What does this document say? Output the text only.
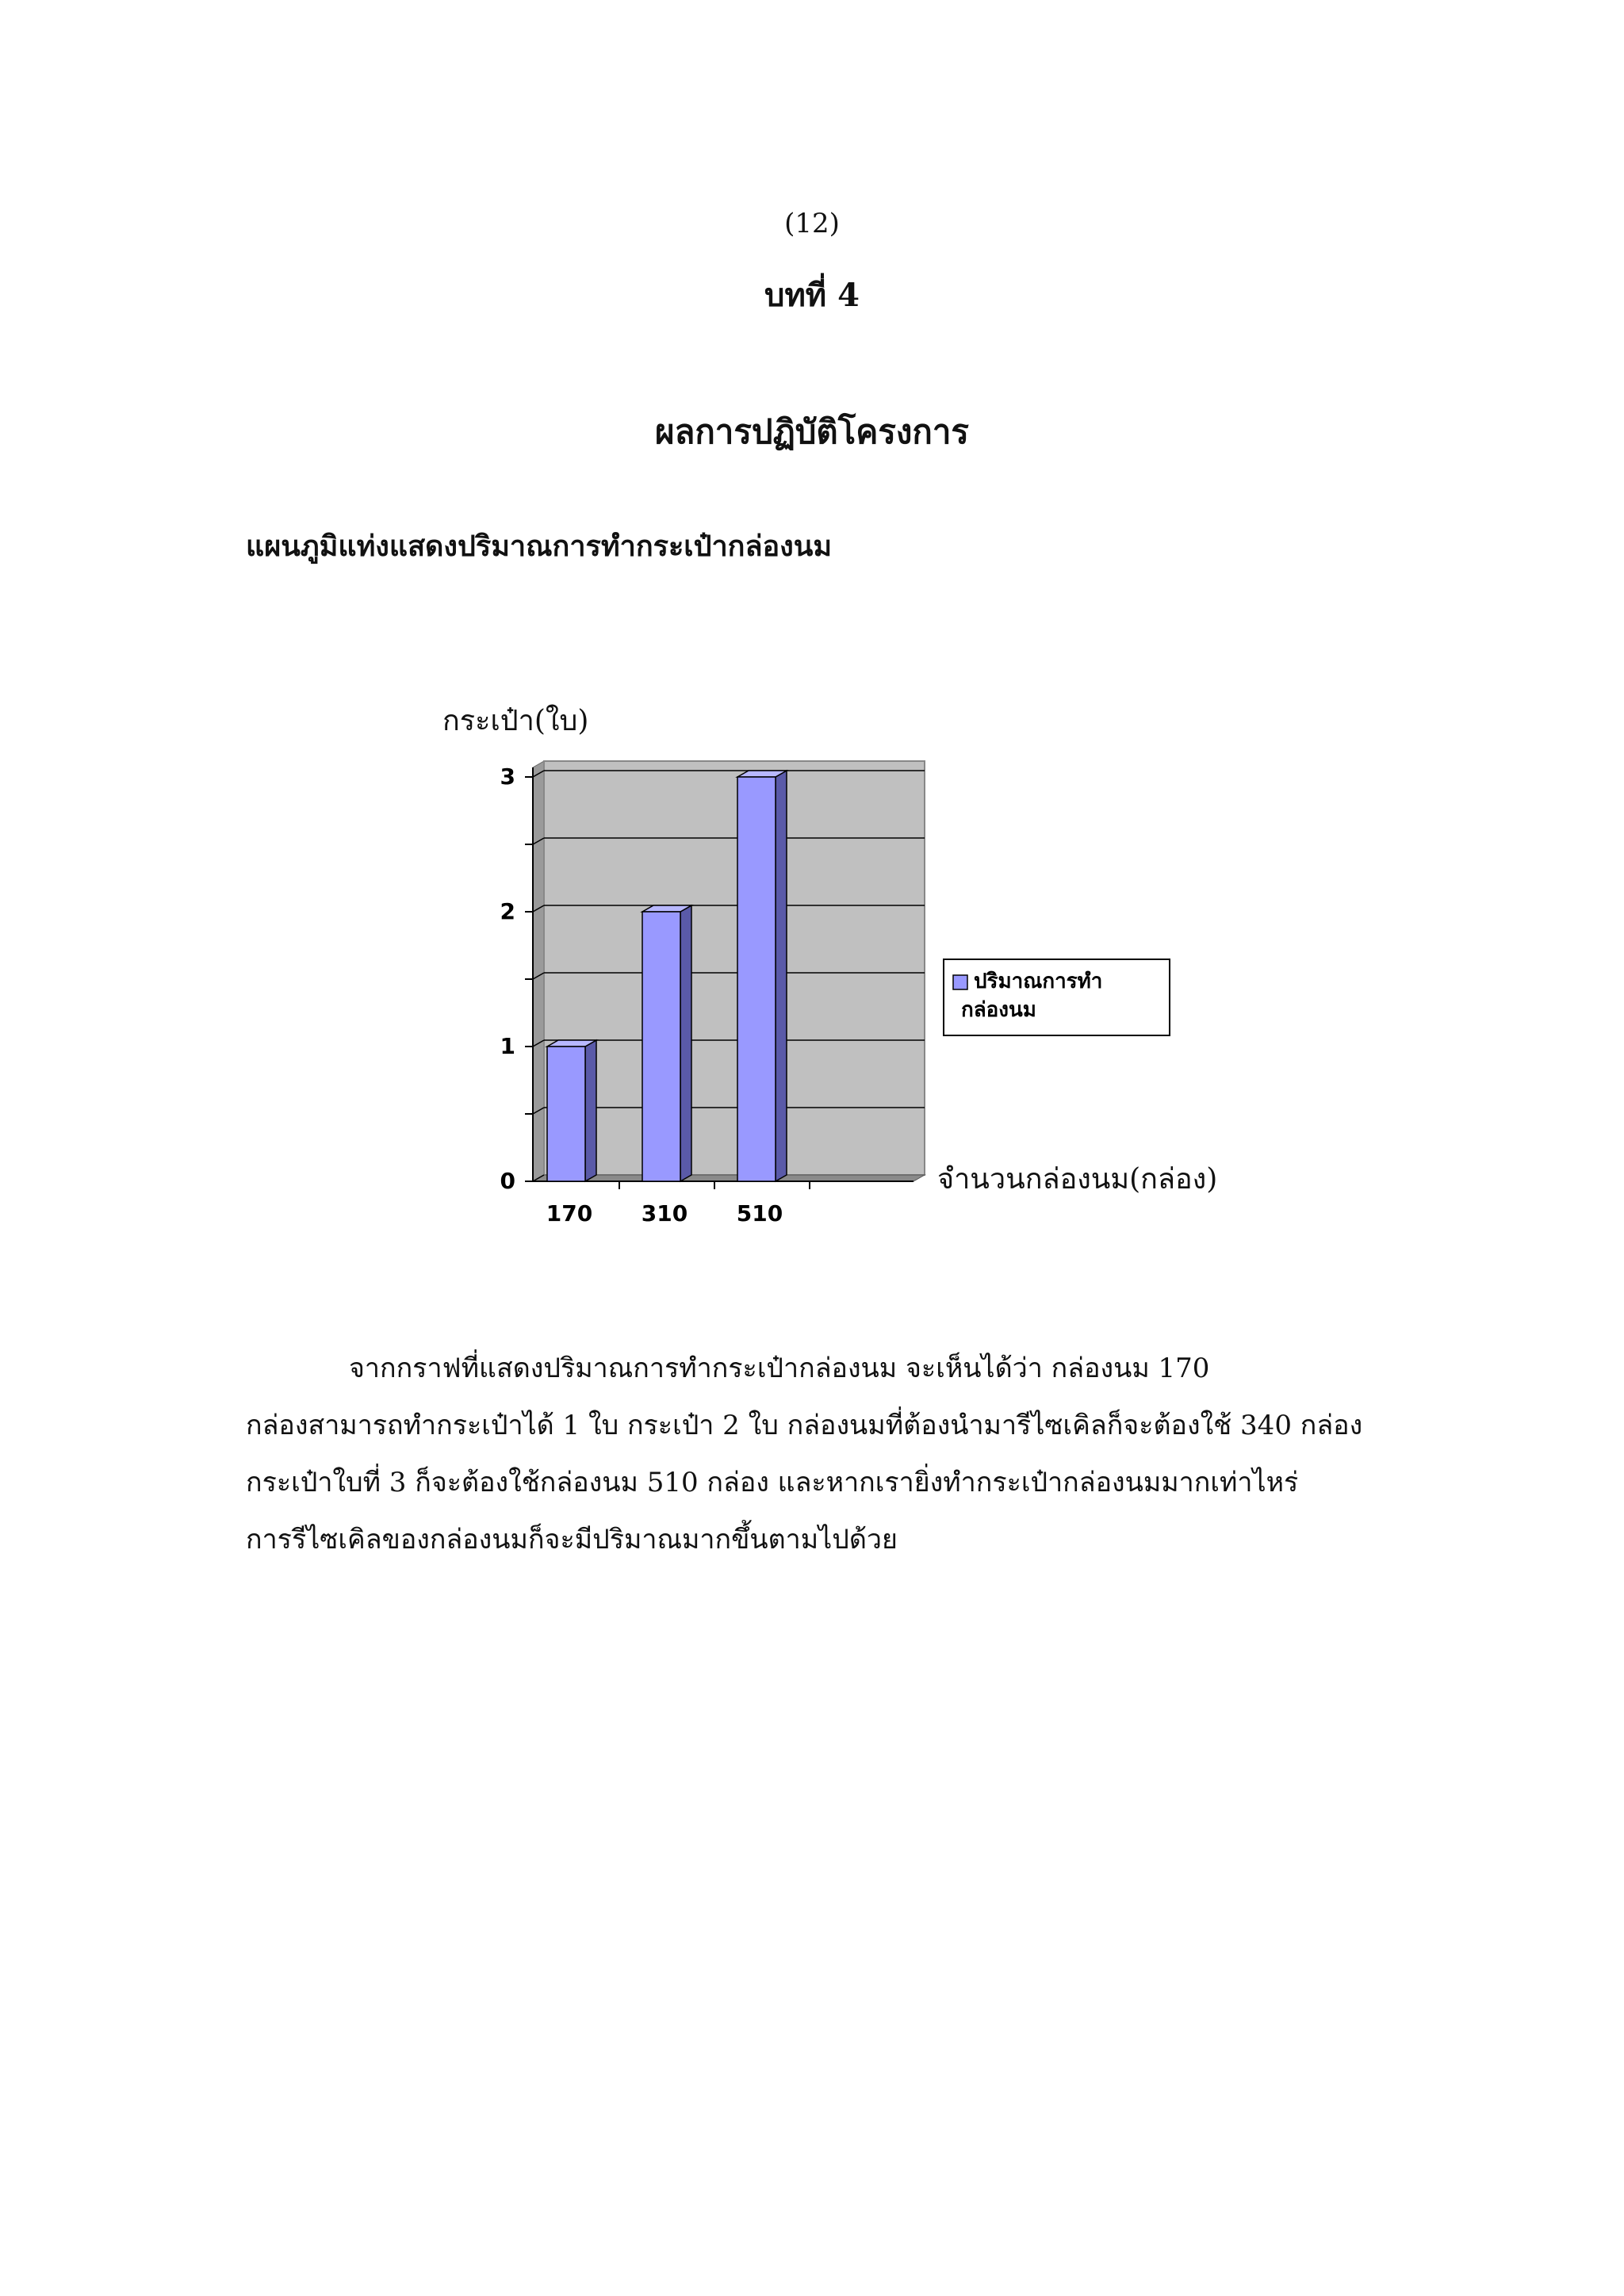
(12)
บทที่ 4
ผลการปฏิบัติโครงการ
แผนภูมิแท่งแสดงปริมาณการทำกระเป๋ากล่องนม
กระเป๋า(ใบ)
จำนวนกล่องนม(กล่อง)
0
1
2
3
170 310 510
ปริมาณการทำกล่องนม

จากกราฟที่แสดงปริมาณการทำกระเป๋ากล่องนม จะเห็นได้ว่า กล่องนม 170

กล่องสามารถทำกระเป๋าได้ 1 ใบ กระเป๋า 2 ใบ กล่องนมที่ต้องนำมารีไซเคิลก็จะต้องใช้ 340 กล่อง

กระเป๋าใบที่ 3 ก็จะต้องใช้กล่องนม 510 กล่อง และหากเรายิ่งทำกระเป๋ากล่องนมมากเท่าไหร่

การรีไซเคิลของกล่องนมก็จะมีปริมาณมากขึ้นตามไปด้วย
